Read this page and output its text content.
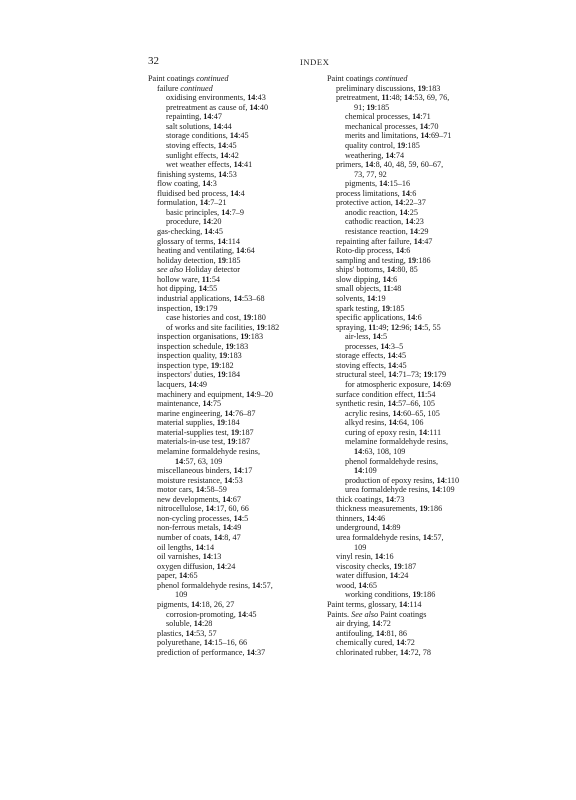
32	INDEX
Paint coatings continued
failure continued
oxidising environments, 14:43
pretreatment as cause of, 14:40
repainting, 14:47
salt solutions, 14:44
storage conditions, 14:45
stoving effects, 14:45
sunlight effects, 14:42
wet weather effects, 14:41
finishing systems, 14:53
flow coating, 14:3
fluidised bed process, 14:4
formulation, 14:7–21
basic principles, 14:7–9
procedure, 14:20
gas-checking, 14:45
glossary of terms, 14:114
heating and ventilating, 14:64
holiday detection, 19:185
see also Holiday detector
hollow ware, 11:54
hot dipping, 14:55
industrial applications, 14:53–68
inspection, 19:179
case histories and cost, 19:180
of works and site facilities, 19:182
inspection organisations, 19:183
inspection schedule, 19:183
inspection quality, 19:183
inspection type, 19:182
inspectors' duties, 19:184
lacquers, 14:49
machinery and equipment, 14:9–20
maintenance, 14:75
marine engineering, 14:76–87
material supplies, 19:184
material-supplies test, 19:187
materials-in-use test, 19:187
melamine formaldehyde resins,
14:57, 63, 109
miscellaneous binders, 14:17
moisture resistance, 14:53
motor cars, 14:58–59
new developments, 14:67
nitrocellulose, 14:17, 60, 66
non-cycling processes, 14:5
non-ferrous metals, 14:49
number of coats, 14:8, 47
oil lengths, 14:14
oil varnishes, 14:13
oxygen diffusion, 14:24
paper, 14:65
phenol formaldehyde resins, 14:57,
109
pigments, 14:18, 26, 27
corrosion-promoting, 14:45
soluble, 14:28
plastics, 14:53, 57
polyurethane, 14:15–16, 66
prediction of performance, 14:37
Paint coatings continued
preliminary discussions, 19:183
pretreatment, 11:48; 14:53, 69, 76,
91; 19:185
chemical processes, 14:71
mechanical processes, 14:70
merits and limitations, 14:69–71
quality control, 19:185
weathering, 14:74
primers, 14:8, 40, 48, 59, 60–67,
73, 77, 92
pigments, 14:15–16
process limitations, 14:6
protective action, 14:22–37
anodic reaction, 14:25
cathodic reaction, 14:23
resistance reaction, 14:29
repainting after failure, 14:47
Roto-dip process, 14:6
sampling and testing, 19:186
ships' bottoms, 14:80, 85
slow dipping, 14:6
small objects, 11:48
solvents, 14:19
spark testing, 19:185
specific applications, 14:6
spraying, 11:49; 12:96; 14:5, 55
air-less, 14:5
processes, 14:3–5
storage effects, 14:45
stoving effects, 14:45
structural steel, 14:71–73; 19:179
for atmospheric exposure, 14:69
surface condition effect, 11:54
synthetic resin, 14:57–66, 105
acrylic resins, 14:60–65, 105
alkyd resins, 14:64, 106
curing of epoxy resin, 14:111
melamine formaldehyde resins,
14:63, 108, 109
phenol formaldehyde resins,
14:109
production of epoxy resins, 14:110
urea formaldehyde resins, 14:109
thick coatings, 14:73
thickness measurements, 19:186
thinners, 14:46
underground, 14:89
urea formaldehyde resins, 14:57,
109
vinyl resin, 14:16
viscosity checks, 19:187
water diffusion, 14:24
wood, 14:65
working conditions, 19:186
Paint terms, glossary, 14:114
Paints. See also Paint coatings
air drying, 14:72
antifouling, 14:81, 86
chemically cured, 14:72
chlorinated rubber, 14:72, 78
